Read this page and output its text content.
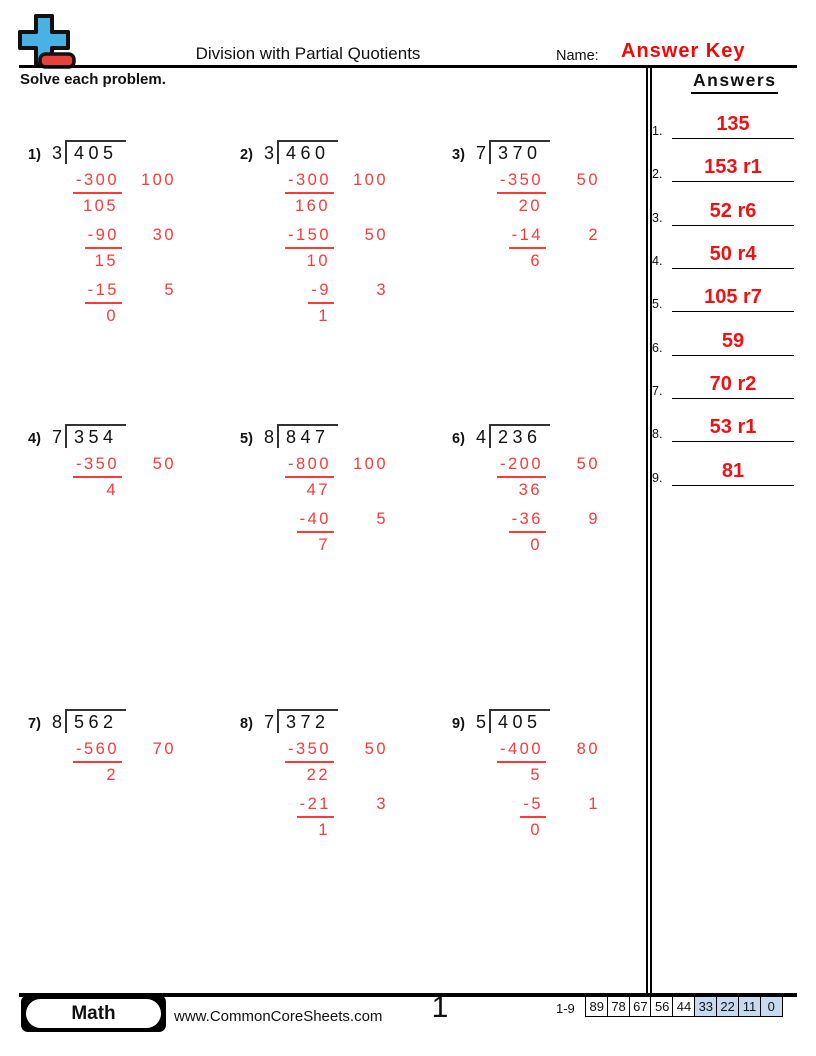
Division with Partial Quotients	Name: Answer Key
Solve each problem.	Answers
1.	135
2.	153 r1
3.	52 r6
4.	50 r4
5.	105 r7
6.	59
7.	70 r2
8.	53 r1
9.	81
1) 3 405
-300	100
105
-90	30
15
-15	5
0
2) 3 460
-300	100
160
-150	50
10
-9	3
1
3) 7 370
-350	50
20
-14	2
6
4) 7 354
-350	50
4
5) 8 847
-800	100
47
-40	5
7
6) 4 236
-200	50
36
-36	9
0
7) 8 562
-560	70
2
8) 7 372
-350	50
22
-21	3
1
9) 5 405
-400	80
5
-5	1
0
Math	www.CommonCoreSheets.com	1	1-9	89 78 67 56 44 33 22 11 0
